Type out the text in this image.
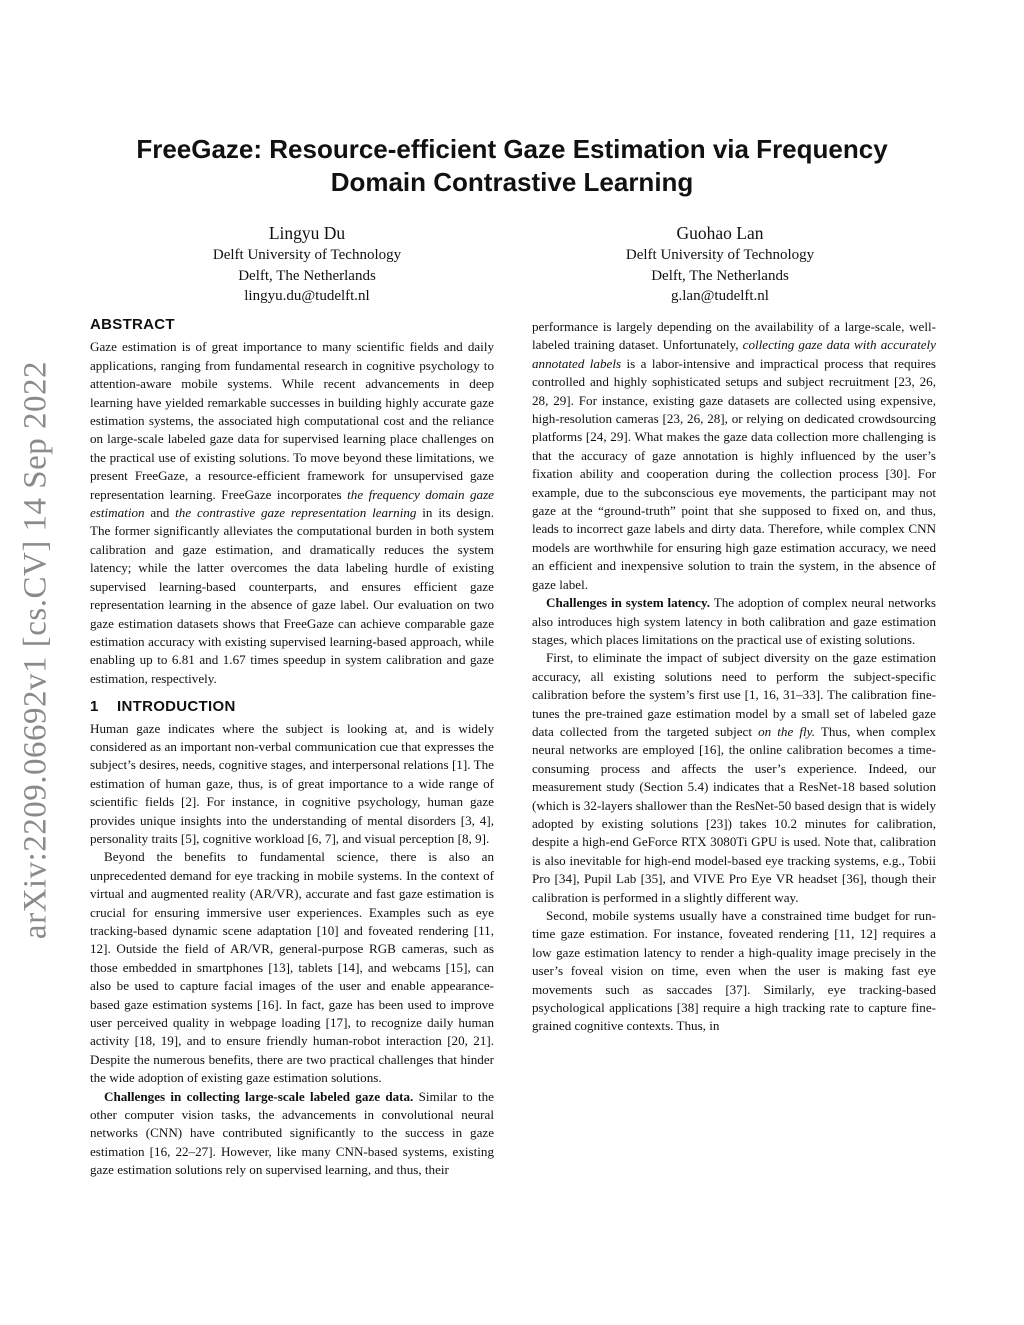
arXiv:2209.06692v1 [cs.CV] 14 Sep 2022
FreeGaze: Resource-efficient Gaze Estimation via Frequency Domain Contrastive Learning
Lingyu Du
Delft University of Technology
Delft, The Netherlands
lingyu.du@tudelft.nl
Guohao Lan
Delft University of Technology
Delft, The Netherlands
g.lan@tudelft.nl
ABSTRACT

Gaze estimation is of great importance to many scientific fields and daily applications, ranging from fundamental research in cognitive psychology to attention-aware mobile systems. While recent advancements in deep learning have yielded remarkable successes in building highly accurate gaze estimation systems, the associated high computational cost and the reliance on large-scale labeled gaze data for supervised learning place challenges on the practical use of existing solutions. To move beyond these limitations, we present FreeGaze, a resource-efficient framework for unsupervised gaze representation learning. FreeGaze incorporates the frequency domain gaze estimation and the contrastive gaze representation learning in its design. The former significantly alleviates the computational burden in both system calibration and gaze estimation, and dramatically reduces the system latency; while the latter overcomes the data labeling hurdle of existing supervised learning-based counterparts, and ensures efficient gaze representation learning in the absence of gaze label. Our evaluation on two gaze estimation datasets shows that FreeGaze can achieve comparable gaze estimation accuracy with existing supervised learning-based approach, while enabling up to 6.81 and 1.67 times speedup in system calibration and gaze estimation, respectively.

1 INTRODUCTION

Human gaze indicates where the subject is looking at, and is widely considered as an important non-verbal communication cue that expresses the subject’s desires, needs, cognitive stages, and interpersonal relations [1]. The estimation of human gaze, thus, is of great importance to a wide range of scientific fields [2]. For instance, in cognitive psychology, human gaze provides unique insights into the understanding of mental disorders [3, 4], personality traits [5], cognitive workload [6, 7], and visual perception [8, 9].

Beyond the benefits to fundamental science, there is also an unprecedented demand for eye tracking in mobile systems. In the context of virtual and augmented reality (AR/VR), accurate and fast gaze estimation is crucial for ensuring immersive user experiences. Examples such as eye tracking-based dynamic scene adaptation [10] and foveated rendering [11, 12]. Outside the field of AR/VR, general-purpose RGB cameras, such as those embedded in smartphones [13], tablets [14], and webcams [15], can also be used to capture facial images of the user and enable appearance-based gaze estimation systems [16]. In fact, gaze has been used to improve user perceived quality in webpage loading [17], to recognize daily human activity [18, 19], and to ensure friendly human-robot interaction [20, 21]. Despite the numerous benefits, there are two practical challenges that hinder the wide adoption of existing gaze estimation solutions.

Challenges in collecting large-scale labeled gaze data. Similar to the other computer vision tasks, the advancements in convolutional neural networks (CNN) have contributed significantly to the success in gaze estimation [16, 22–27]. However, like many CNN-based systems, existing gaze estimation solutions rely on supervised learning, and thus, their

performance is largely depending on the availability of a large-scale, well-labeled training dataset. Unfortunately, collecting gaze data with accurately annotated labels is a labor-intensive and impractical process that requires controlled and highly sophisticated setups and subject recruitment [23, 26, 28, 29]. For instance, existing gaze datasets are collected using expensive, high-resolution cameras [23, 26, 28], or relying on dedicated crowdsourcing platforms [24, 29]. What makes the gaze data collection more challenging is that the accuracy of gaze annotation is highly influenced by the user’s fixation ability and cooperation during the collection process [30]. For example, due to the subconscious eye movements, the participant may not gaze at the “ground-truth” point that she supposed to fixed on, and thus, leads to incorrect gaze labels and dirty data. Therefore, while complex CNN models are worthwhile for ensuring high gaze estimation accuracy, we need an efficient and inexpensive solution to train the system, in the absence of gaze label.

Challenges in system latency. The adoption of complex neural networks also introduces high system latency in both calibration and gaze estimation stages, which places limitations on the practical use of existing solutions.

First, to eliminate the impact of subject diversity on the gaze estimation accuracy, all existing solutions need to perform the subject-specific calibration before the system’s first use [1, 16, 31–33]. The calibration fine-tunes the pre-trained gaze estimation model by a small set of labeled gaze data collected from the targeted subject on the fly. Thus, when complex neural networks are employed [16], the online calibration becomes a time-consuming process and affects the user’s experience. Indeed, our measurement study (Section 5.4) indicates that a ResNet-18 based solution (which is 32-layers shallower than the ResNet-50 based design that is widely adopted by existing solutions [23]) takes 10.2 minutes for calibration, despite a high-end GeForce RTX 3080Ti GPU is used. Note that, calibration is also inevitable for high-end model-based eye tracking systems, e.g., Tobii Pro [34], Pupil Lab [35], and VIVE Pro Eye VR headset [36], though their calibration is performed in a slightly different way.

Second, mobile systems usually have a constrained time budget for run-time gaze estimation. For instance, foveated rendering [11, 12] requires a low gaze estimation latency to render a high-quality image precisely in the user’s foveal vision on time, even when the user is making fast eye movements such as saccades [37]. Similarly, eye tracking-based psychological applications [38] require a high tracking rate to capture fine-grained cognitive contexts. Thus, in
